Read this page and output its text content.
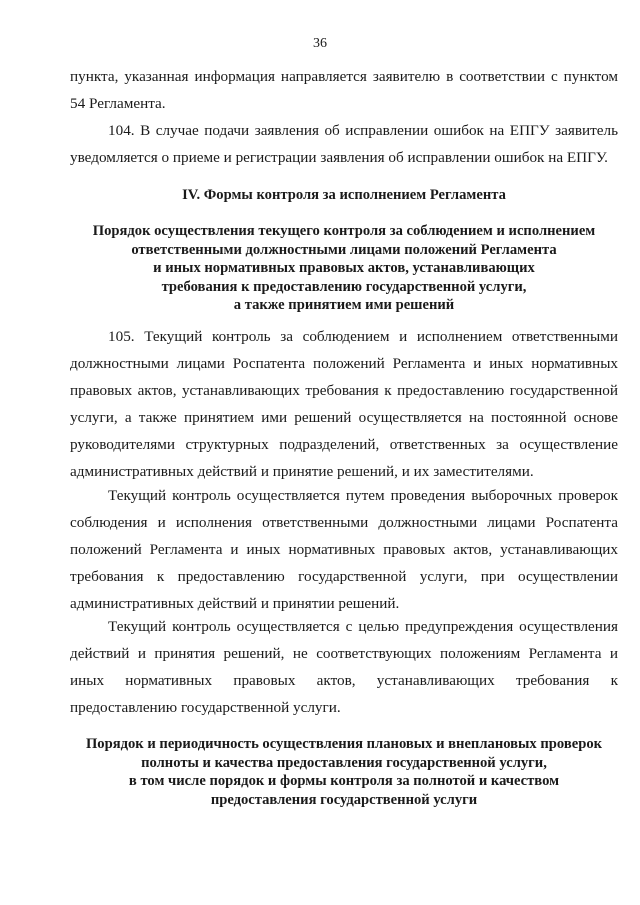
36

пункта, указанная информация направляется заявителю в соответствии с пунктом 54 Регламента.

104. В случае подачи заявления об исправлении ошибок на ЕПГУ заявитель уведомляется о приеме и регистрации заявления об исправлении ошибок на ЕПГУ.

IV. Формы контроля за исполнением Регламента

Порядок осуществления текущего контроля за соблюдением и исполнением
ответственными должностными лицами положений Регламента
и иных нормативных правовых актов, устанавливающих
требования к предоставлению государственной услуги,
а также принятием ими решений

105. Текущий контроль за соблюдением и исполнением ответственными должностными лицами Роспатента положений Регламента и иных нормативных правовых актов, устанавливающих требования к предоставлению государственной услуги, а также принятием ими решений осуществляется на постоянной основе руководителями структурных подразделений, ответственных за осуществление административных действий и принятие решений, и их заместителями.

Текущий контроль осуществляется путем проведения выборочных проверок соблюдения и исполнения ответственными должностными лицами Роспатента положений Регламента и иных нормативных правовых актов, устанавливающих требования к предоставлению государственной услуги, при осуществлении административных действий и принятии решений.

Текущий контроль осуществляется с целью предупреждения осуществления действий и принятия решений, не соответствующих положениям Регламента и иных нормативных правовых актов, устанавливающих требования к предоставлению государственной услуги.

Порядок и периодичность осуществления плановых и внеплановых проверок
полноты и качества предоставления государственной услуги,
в том числе порядок и формы контроля за полнотой и качеством
предоставления государственной услуги
